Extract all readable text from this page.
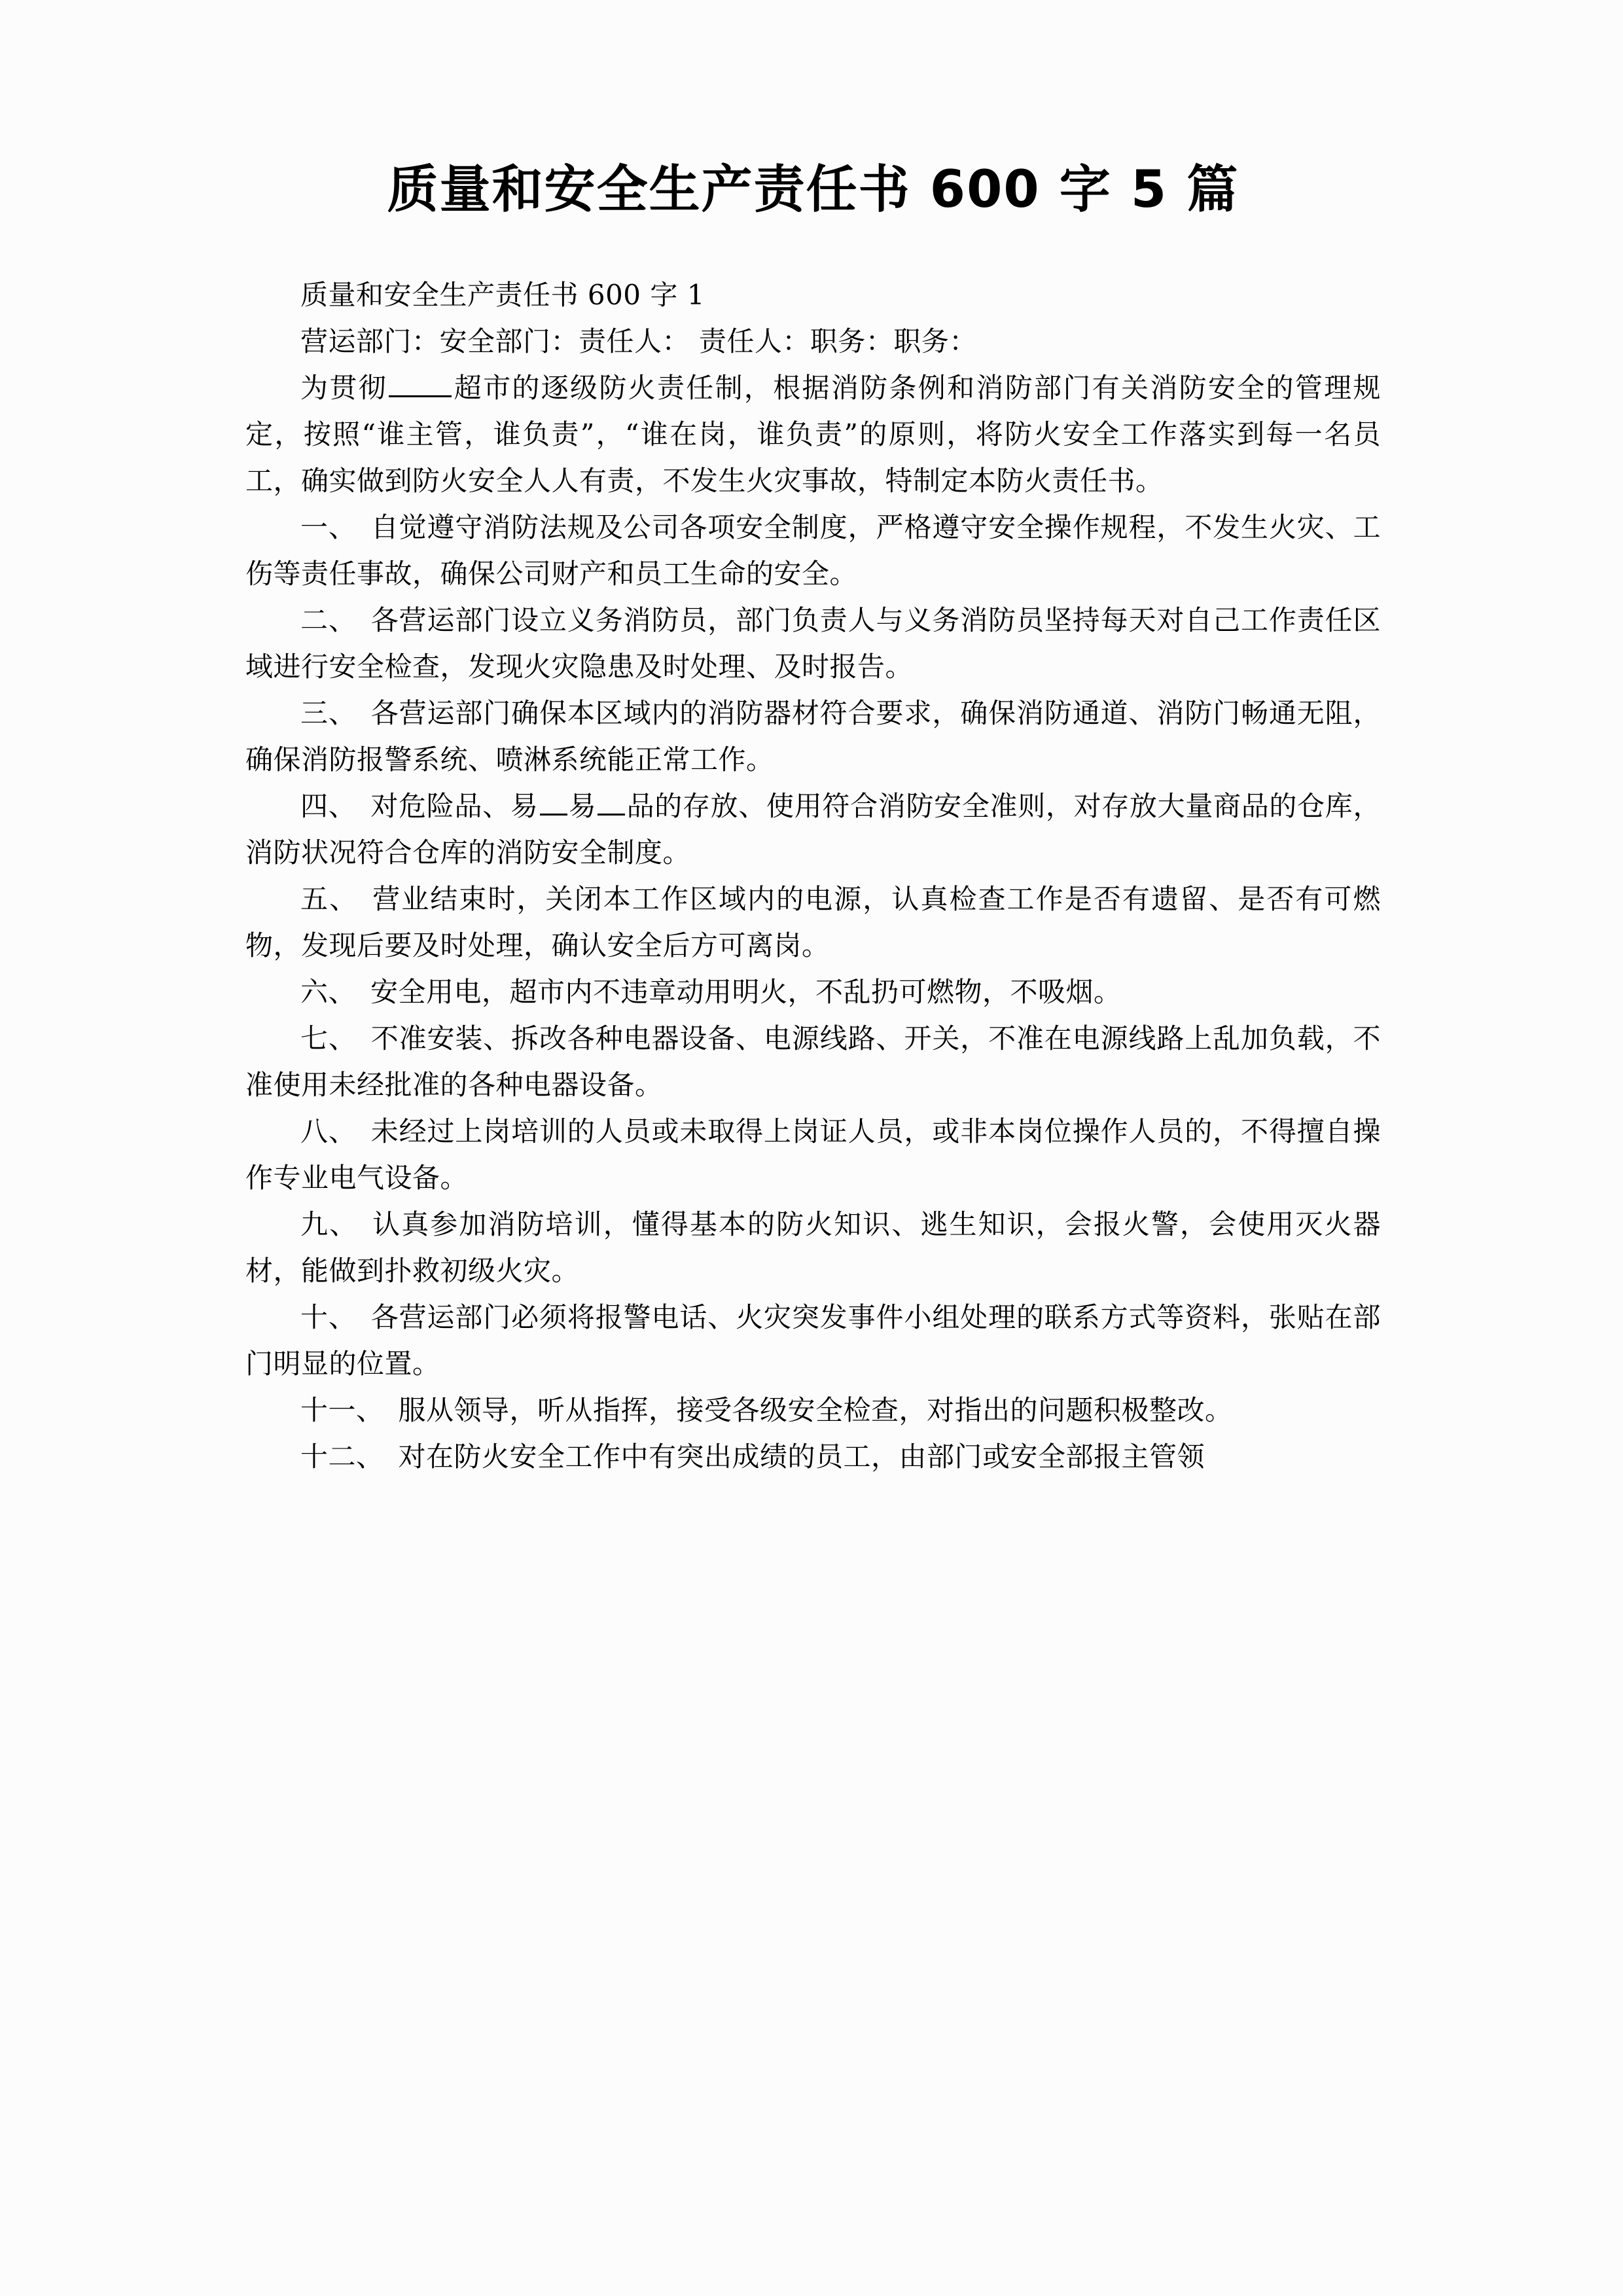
质量和安全生产责任书 600 字 5 篇

质量和安全生产责任书 600 字 1

营运部门：安全部门：责任人： 责任人：职务：职务：

为贯彻 超市的逐级防火责任制，根据消防条例和消防部门有关消防安全的管理规定，按照“谁主管，谁负责”，“谁在岗，谁负责”的原则，将防火安全工作落实到每一名员工，确实做到防火安全人人有责，不发生火灾事故，特制定本防火责任书。

一、 自觉遵守消防法规及公司各项安全制度，严格遵守安全操作规程，不发生火灾、工伤等责任事故，确保公司财产和员工生命的安全。

二、 各营运部门设立义务消防员，部门负责人与义务消防员坚持每天对自己工作责任区域进行安全检查，发现火灾隐患及时处理、及时报告。

三、 各营运部门确保本区域内的消防器材符合要求，确保消防通道、消防门畅通无阻，确保消防报警系统、喷淋系统能正常工作。

四、 对危险品、易 易 品的存放、使用符合消防安全准则，对存放大量商品的仓库，消防状况符合仓库的消防安全制度。

五、 营业结束时，关闭本工作区域内的电源，认真检查工作是否有遗留、是否有可燃物，发现后要及时处理，确认安全后方可离岗。

六、 安全用电，超市内不违章动用明火，不乱扔可燃物，不吸烟。

七、 不准安装、拆改各种电器设备、电源线路、开关，不准在电源线路上乱加负载，不准使用未经批准的各种电器设备。

八、 未经过上岗培训的人员或未取得上岗证人员，或非本岗位操作人员的，不得擅自操作专业电气设备。

九、 认真参加消防培训，懂得基本的防火知识、逃生知识，会报火警，会使用灭火器材，能做到扑救初级火灾。

十、 各营运部门必须将报警电话、火灾突发事件小组处理的联系方式等资料，张贴在部门明显的位置。

十一、 服从领导，听从指挥，接受各级安全检查，对指出的问题积极整改。

十二、 对在防火安全工作中有突出成绩的员工，由部门或安全部报主管领
